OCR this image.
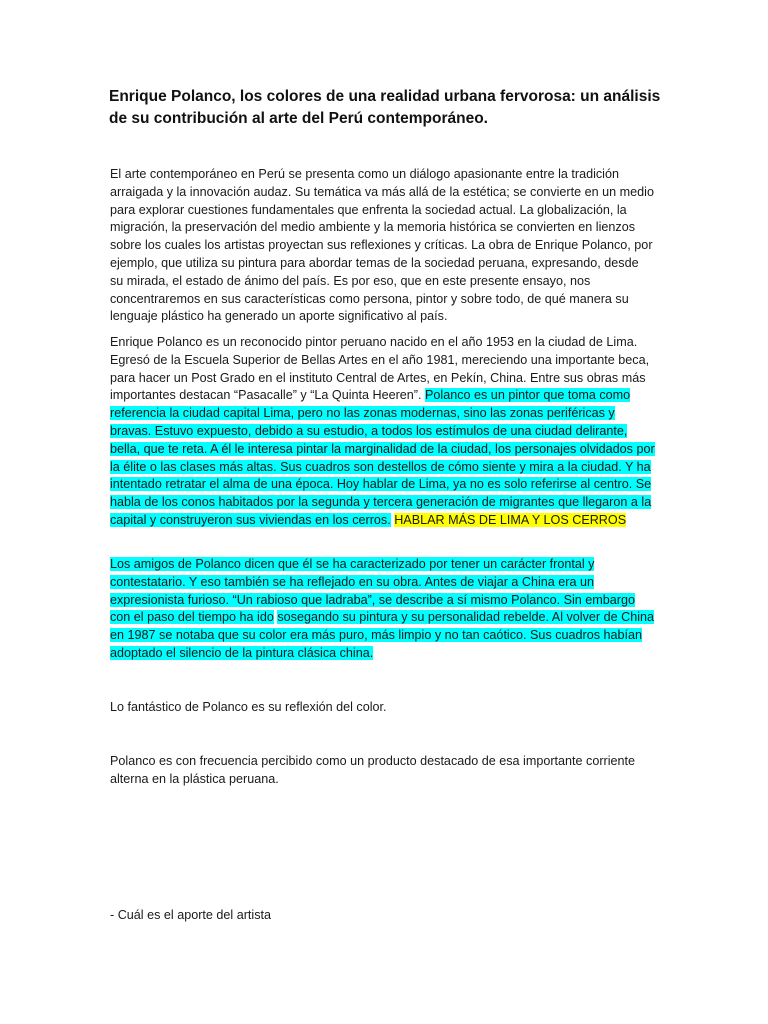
Enrique Polanco, los colores de una realidad urbana fervorosa: un análisis de su contribución al arte del Perú contemporáneo.
El arte contemporáneo en Perú se presenta como un diálogo apasionante entre la tradición arraigada y la innovación audaz. Su temática va más allá de la estética; se convierte en un medio para explorar cuestiones fundamentales que enfrenta la sociedad actual. La globalización, la migración, la preservación del medio ambiente y la memoria histórica se convierten en lienzos sobre los cuales los artistas proyectan sus reflexiones y críticas. La obra de Enrique Polanco, por ejemplo, que utiliza su pintura para abordar temas de la sociedad peruana, expresando, desde su mirada, el estado de ánimo del país. Es por eso, que en este presente ensayo, nos concentraremos en sus características como persona, pintor y sobre todo, de qué manera su lenguaje plástico ha generado un aporte significativo al país.
Enrique Polanco es un reconocido pintor peruano nacido en el año 1953 en la ciudad de Lima. Egresó de la Escuela Superior de Bellas Artes en el año 1981, mereciendo una importante beca, para hacer un Post Grado en el instituto Central de Artes, en Pekín, China. Entre sus obras más importantes destacan “Pasacalle” y “La Quinta Heeren”. Polanco es un pintor que toma como referencia la ciudad capital Lima, pero no las zonas modernas, sino las zonas periféricas y bravas. Estuvo expuesto, debido a su estudio, a todos los estímulos de una ciudad delirante, bella, que te reta. A él le interesa pintar la marginalidad de la ciudad, los personajes olvidados por la élite o las clases más altas. Sus cuadros son destellos de cómo siente y mira a la ciudad. Y ha intentado retratar el alma de una época. Hoy hablar de Lima, ya no es solo referirse al centro. Se habla de los conos habitados por la segunda y tercera generación de migrantes que llegaron a la capital y construyeron sus viviendas en los cerros. HABLAR MÁS DE LIMA Y LOS CERROS
Los amigos de Polanco dicen que él se ha caracterizado por tener un carácter frontal y contestatario. Y eso también se ha reflejado en su obra. Antes de viajar a China era un expresionista furioso. “Un rabioso que ladraba”, se describe a sí mismo Polanco. Sin embargo con el paso del tiempo ha ido sosegando su pintura y su personalidad rebelde. Al volver de China en 1987 se notaba que su color era más puro, más limpio y no tan caótico. Sus cuadros habían adoptado el silencio de la pintura clásica china.
Lo fantástico de Polanco es su reflexión del color.
Polanco es con frecuencia percibido como un producto destacado de esa importante corriente alterna en la plástica peruana.
- Cuál es el aporte del artista
